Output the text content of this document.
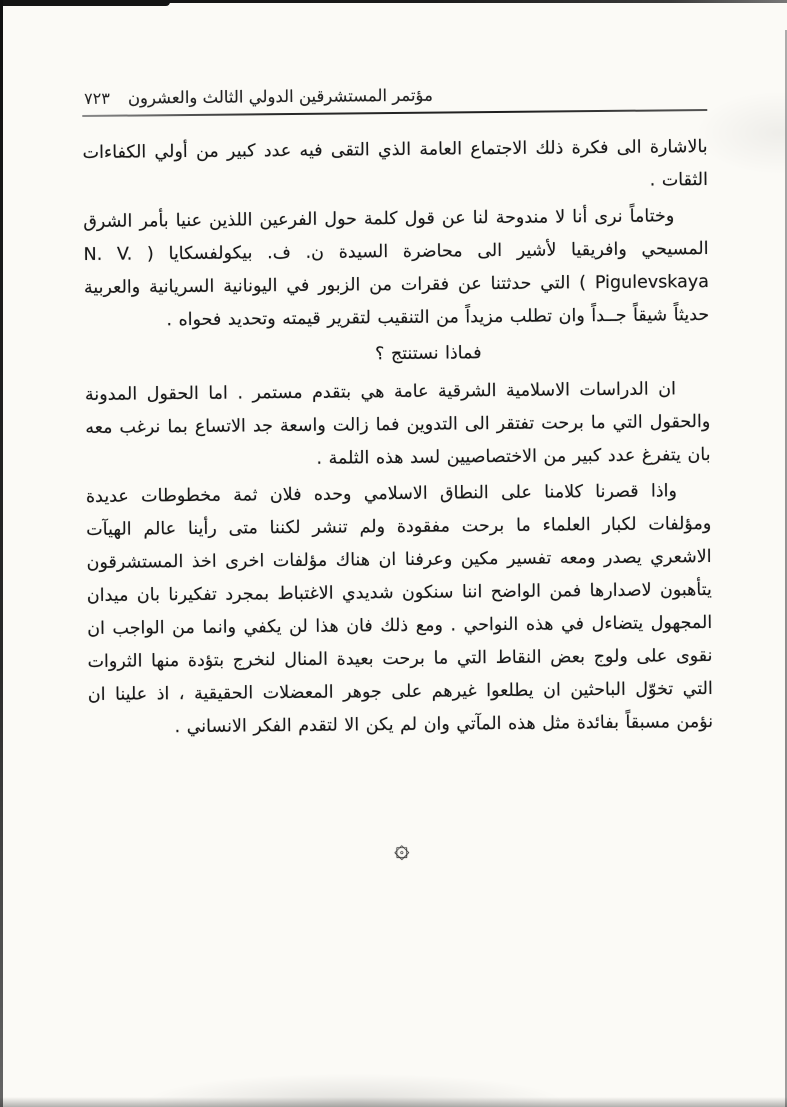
٧٢٣ مؤتمر المستشرقين الدولي الثالث والعشرون

بالاشارة الى فكرة ذلك الاجتماع العامة الذي التقى فيه عدد كبير من أولي الكفاءات الثقات .

وختاماً نرى أنا لا مندوحة لنا عن قول كلمة حول الفرعين اللذين عنيا بأمر الشرق المسيحي وافريقيا لأشير الى محاضرة السيدة ن. ف. بيكولفسكايا ( N. V. Pigulevskaya ) التي حدثتنا عن فقرات من الزبور في اليونانية السريانية والعربية حديثاً شيقاً جــداً وان تطلب مزيداً من التنقيب لتقرير قيمته وتحديد فحواه .

فماذا نستنتج ؟

ان الدراسات الاسلامية الشرقية عامة هي بتقدم مستمر . اما الحقول المدونة والحقول التي ما برحت تفتقر الى التدوين فما زالت واسعة جد الاتساع بما نرغب معه بان يتفرغ عدد كبير من الاختصاصيين لسد هذه الثلمة .

واذا قصرنا كلامنا على النطاق الاسلامي وحده فلان ثمة مخطوطات عديدة ومؤلفات لكبار العلماء ما برحت مفقودة ولم تنشر لكننا متى رأينا عالم الهيآت الاشعري يصدر ومعه تفسير مكين وعرفنا ان هناك مؤلفات اخرى اخذ المستشرقون يتأهبون لاصدارها فمن الواضح اننا سنكون شديدي الاغتباط بمجرد تفكيرنا بان ميدان المجهول يتضاءل في هذه النواحي . ومع ذلك فان هذا لن يكفي وانما من الواجب ان نقوى على ولوج بعض النقاط التي ما برحت بعيدة المنال لنخرج بتؤدة منها الثروات التي تخوّل الباحثين ان يطلعوا غيرهم على جوهر المعضلات الحقيقية ، اذ علينا ان نؤمن مسبقاً بفائدة مثل هذه المآتي وان لم يكن الا لتقدم الفكر الانساني .

۞
